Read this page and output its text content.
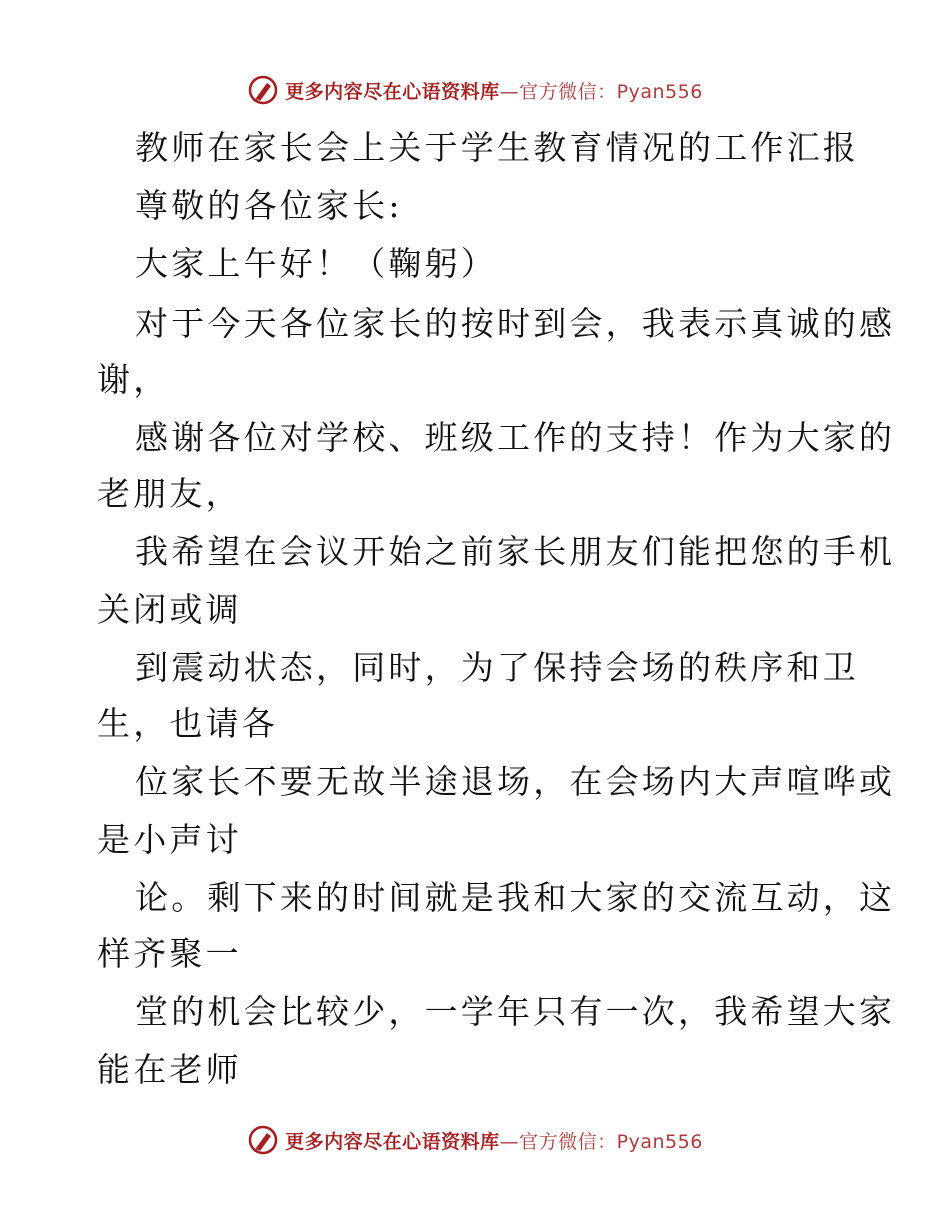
更多内容尽在心语资料库—官方微信：Pyan556
教师在家长会上关于学生教育情况的工作汇报
尊敬的各位家长:
大家上午好！（鞠躬）
对于今天各位家长的按时到会，我表示真诚的感
谢，
感谢各位对学校、班级工作的支持！作为大家的
老朋友，
我希望在会议开始之前家长朋友们能把您的手机
关闭或调
到震动状态，同时，为了保持会场的秩序和卫
生，也请各
位家长不要无故半途退场，在会场内大声喧哗或
是小声讨
论。剩下来的时间就是我和大家的交流互动，这
样齐聚一
堂的机会比较少，一学年只有一次，我希望大家
能在老师
更多内容尽在心语资料库—官方微信：Pyan556
